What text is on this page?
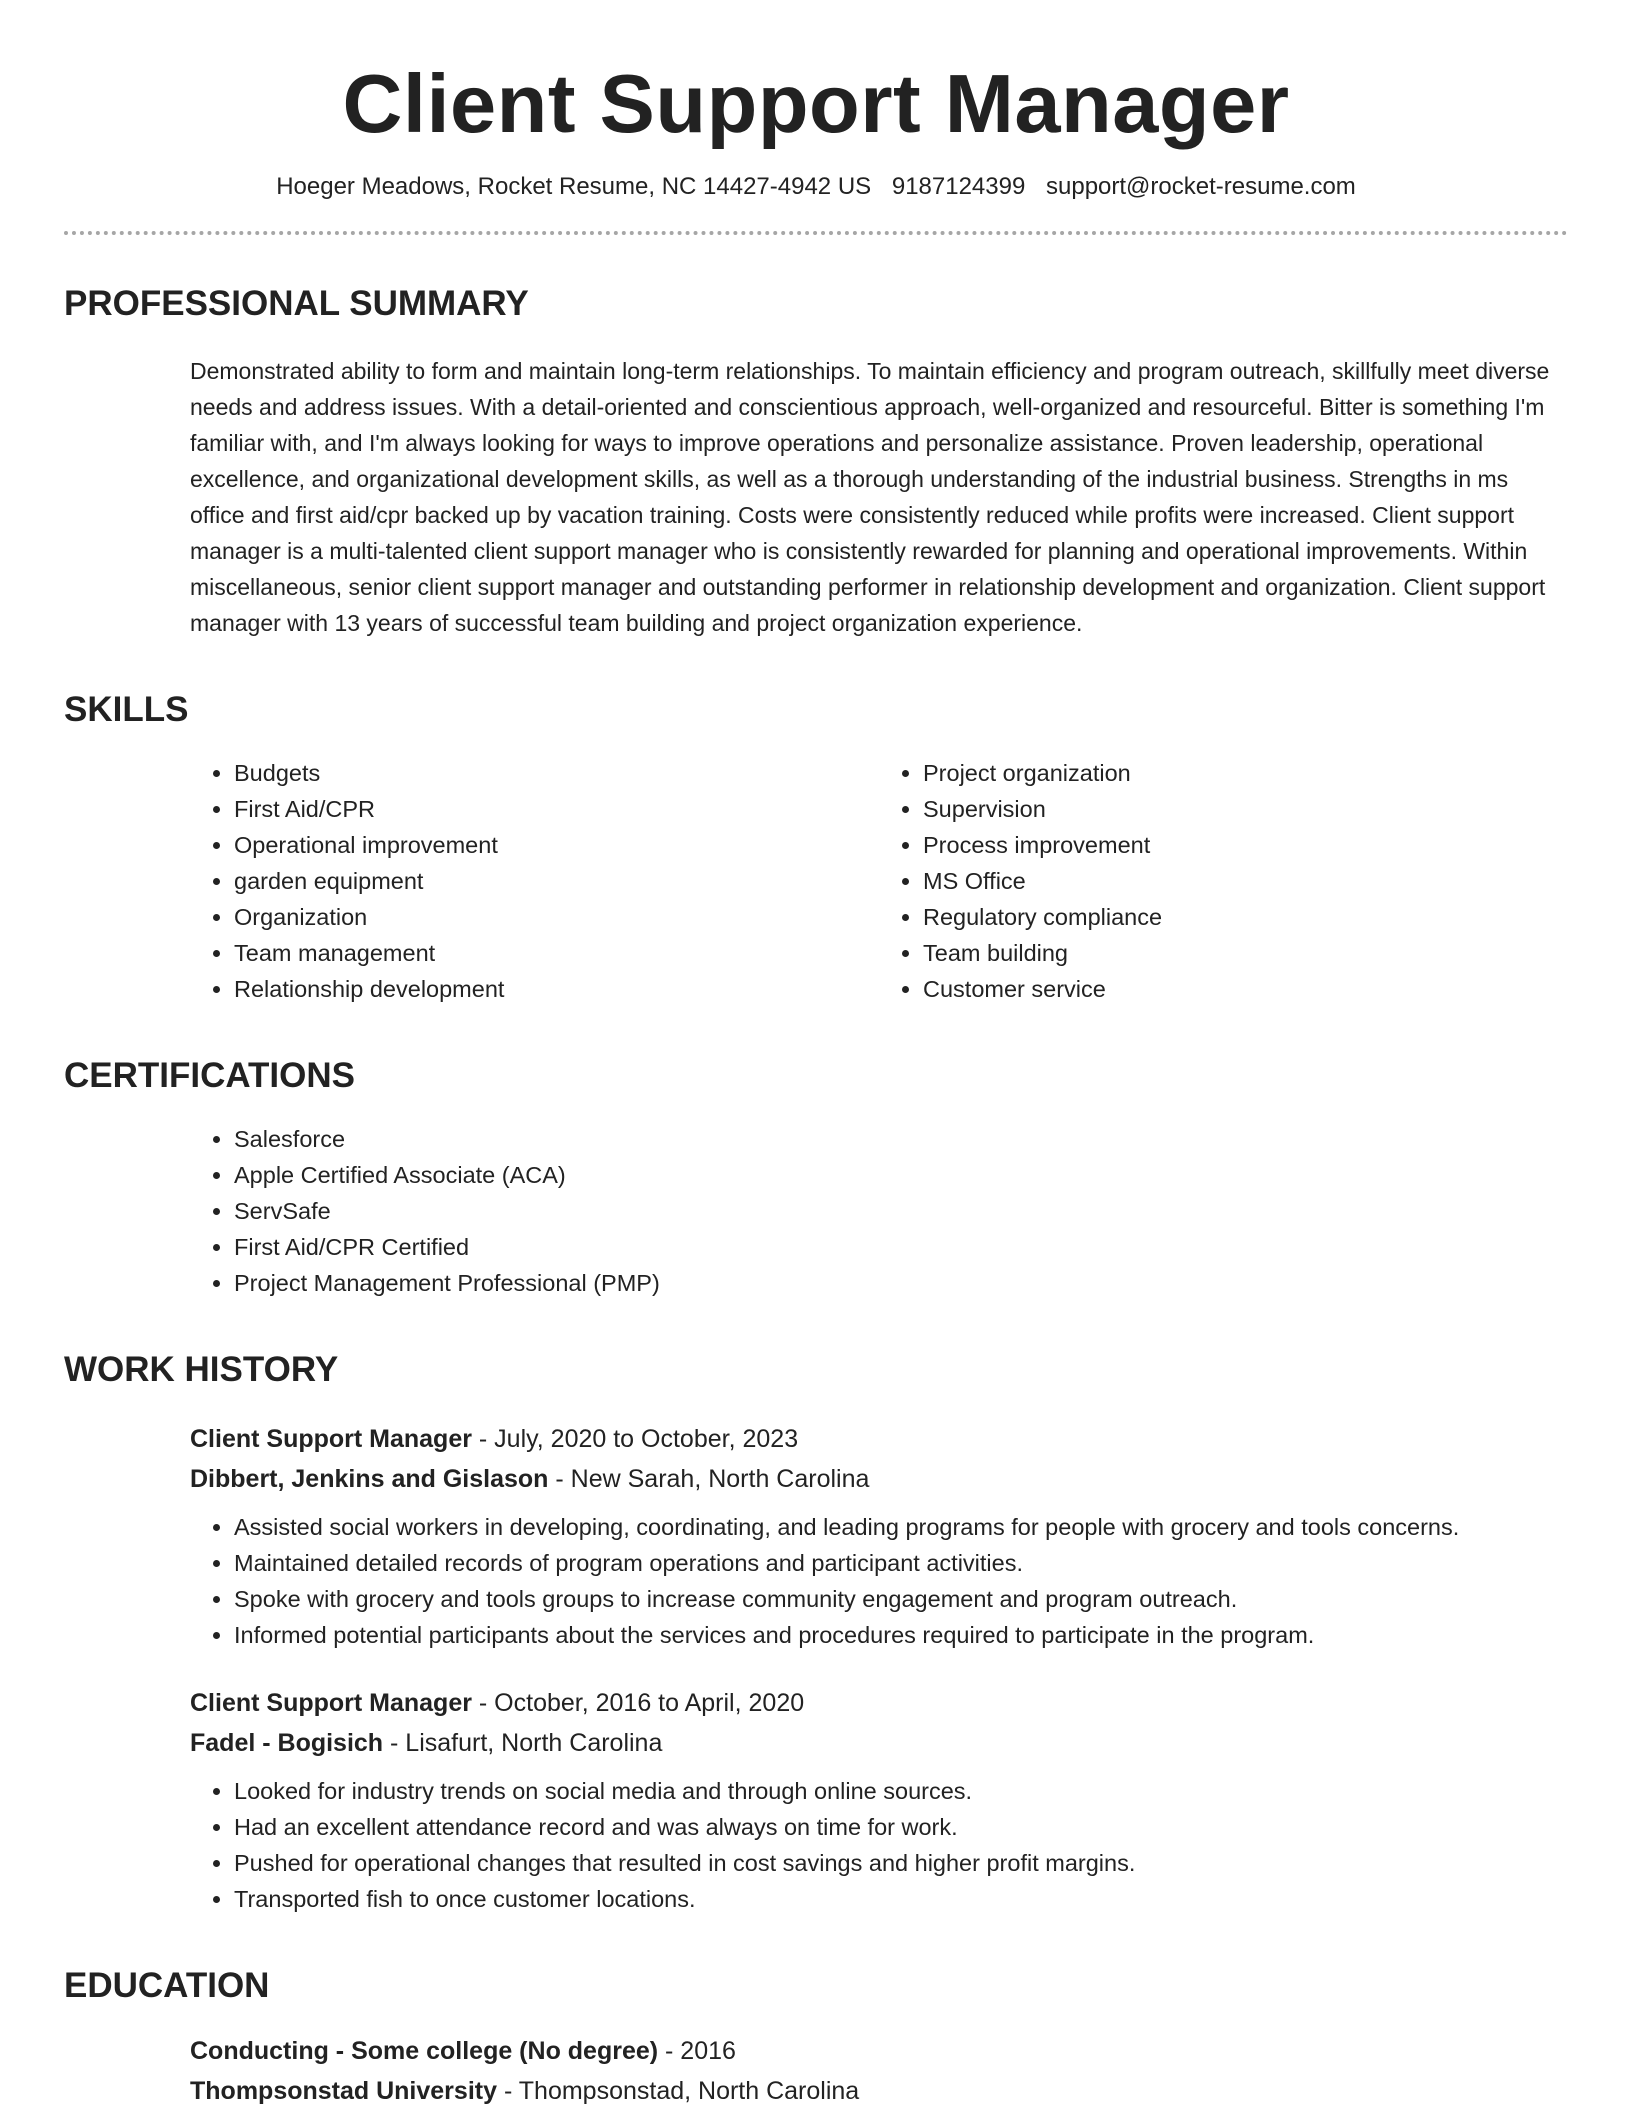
Client Support Manager
Hoeger Meadows, Rocket Resume, NC 14427-4942 US 9187124399 support@rocket-resume.com
PROFESSIONAL SUMMARY
Demonstrated ability to form and maintain long-term relationships. To maintain efficiency and program outreach, skillfully meet diverse needs and address issues. With a detail-oriented and conscientious approach, well-organized and resourceful. Bitter is something I'm familiar with, and I'm always looking for ways to improve operations and personalize assistance. Proven leadership, operational excellence, and organizational development skills, as well as a thorough understanding of the industrial business. Strengths in ms office and first aid/cpr backed up by vacation training. Costs were consistently reduced while profits were increased. Client support manager is a multi-talented client support manager who is consistently rewarded for planning and operational improvements. Within miscellaneous, senior client support manager and outstanding performer in relationship development and organization. Client support manager with 13 years of successful team building and project organization experience.
SKILLS
• Budgets
• First Aid/CPR
• Operational improvement
• garden equipment
• Organization
• Team management
• Relationship development
• Project organization
• Supervision
• Process improvement
• MS Office
• Regulatory compliance
• Team building
• Customer service
CERTIFICATIONS
• Salesforce
• Apple Certified Associate (ACA)
• ServSafe
• First Aid/CPR Certified
• Project Management Professional (PMP)
WORK HISTORY
Client Support Manager - July, 2020 to October, 2023
Dibbert, Jenkins and Gislason - New Sarah, North Carolina
• Assisted social workers in developing, coordinating, and leading programs for people with grocery and tools concerns.
• Maintained detailed records of program operations and participant activities.
• Spoke with grocery and tools groups to increase community engagement and program outreach.
• Informed potential participants about the services and procedures required to participate in the program.
Client Support Manager - October, 2016 to April, 2020
Fadel - Bogisich - Lisafurt, North Carolina
• Looked for industry trends on social media and through online sources.
• Had an excellent attendance record and was always on time for work.
• Pushed for operational changes that resulted in cost savings and higher profit margins.
• Transported fish to once customer locations.
EDUCATION
Conducting - Some college (No degree) - 2016
Thompsonstad University - Thompsonstad, North Carolina
